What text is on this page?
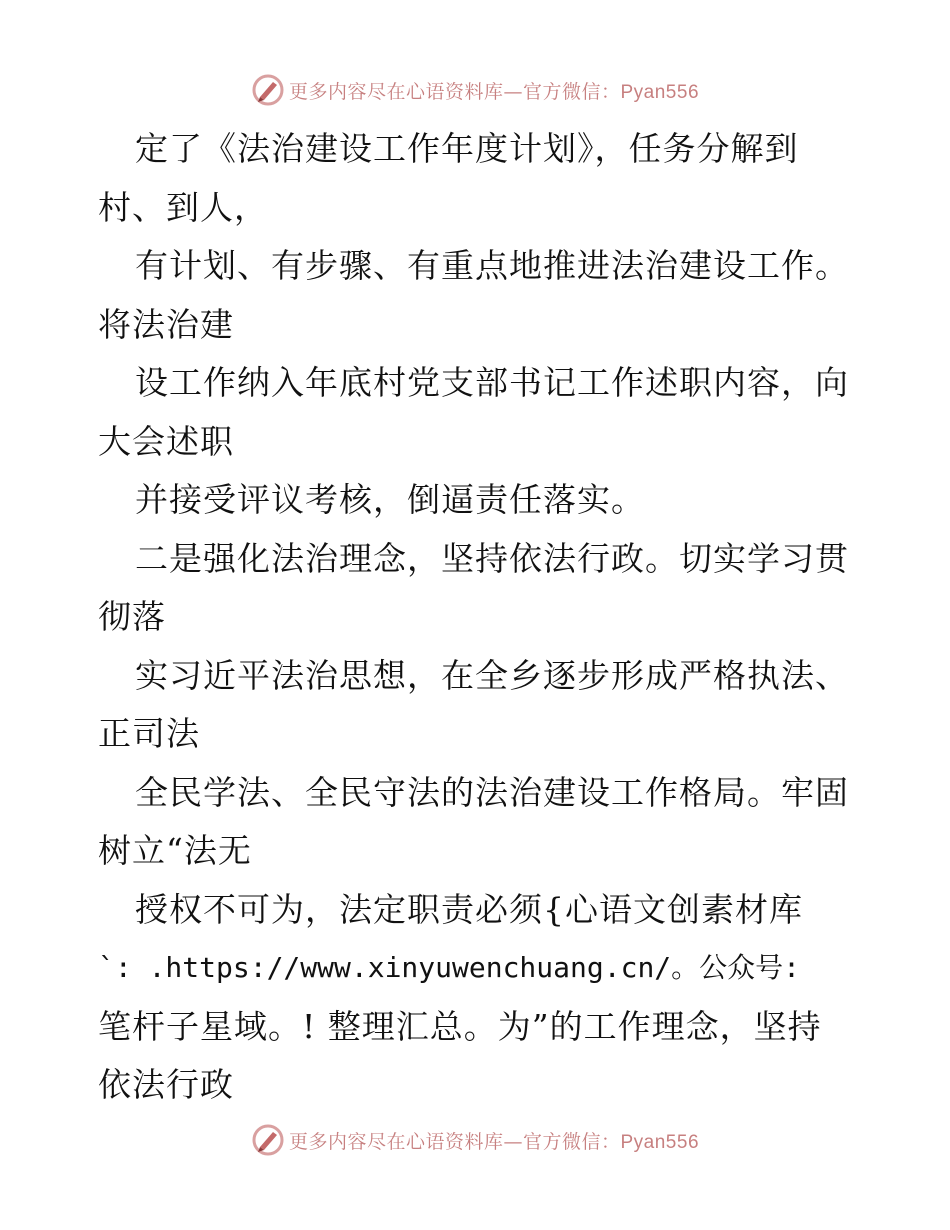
更多内容尽在心语资料库—官方微信：Pyan556
定了《法治建设工作年度计划》，任务分解到
村、到人，
有计划、有步骤、有重点地推进法治建设工作。
将法治建
设工作纳入年底村党支部书记工作述职内容，向
大会述职
并接受评议考核，倒逼责任落实。
二是强化法治理念，坚持依法行政。切实学习贯
彻落
实习近平法治思想，在全乡逐步形成严格执法、
正司法
全民学法、全民守法的法治建设工作格局。牢固
树立“法无
授权不可为，法定职责必须{心语文创素材库
`: .https://www.xinyuwenchuang.cn/。公众号:
笔杆子星域。! 整理汇总。为”的工作理念，坚持
依法行政
更多内容尽在心语资料库—官方微信：Pyan556
